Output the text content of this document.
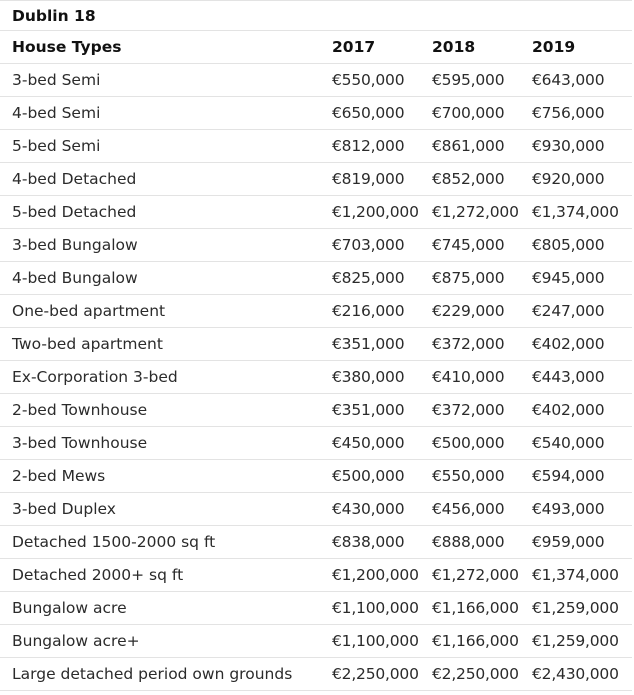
Dublin 18			
House Types	2017	2018	2019
3-bed Semi	€550,000	€595,000	€643,000
4-bed Semi	€650,000	€700,000	€756,000
5-bed Semi	€812,000	€861,000	€930,000
4-bed Detached	€819,000	€852,000	€920,000
5-bed Detached	€1,200,000	€1,272,000	€1,374,000
3-bed Bungalow	€703,000	€745,000	€805,000
4-bed Bungalow	€825,000	€875,000	€945,000
One-bed apartment	€216,000	€229,000	€247,000
Two-bed apartment	€351,000	€372,000	€402,000
Ex-Corporation 3-bed	€380,000	€410,000	€443,000
2-bed Townhouse	€351,000	€372,000	€402,000
3-bed Townhouse	€450,000	€500,000	€540,000
2-bed Mews	€500,000	€550,000	€594,000
3-bed Duplex	€430,000	€456,000	€493,000
Detached 1500-2000 sq ft	€838,000	€888,000	€959,000
Detached 2000+ sq ft	€1,200,000	€1,272,000	€1,374,000
Bungalow acre	€1,100,000	€1,166,000	€1,259,000
Bungalow acre+	€1,100,000	€1,166,000	€1,259,000
Large detached period own grounds	€2,250,000	€2,250,000	€2,430,000
